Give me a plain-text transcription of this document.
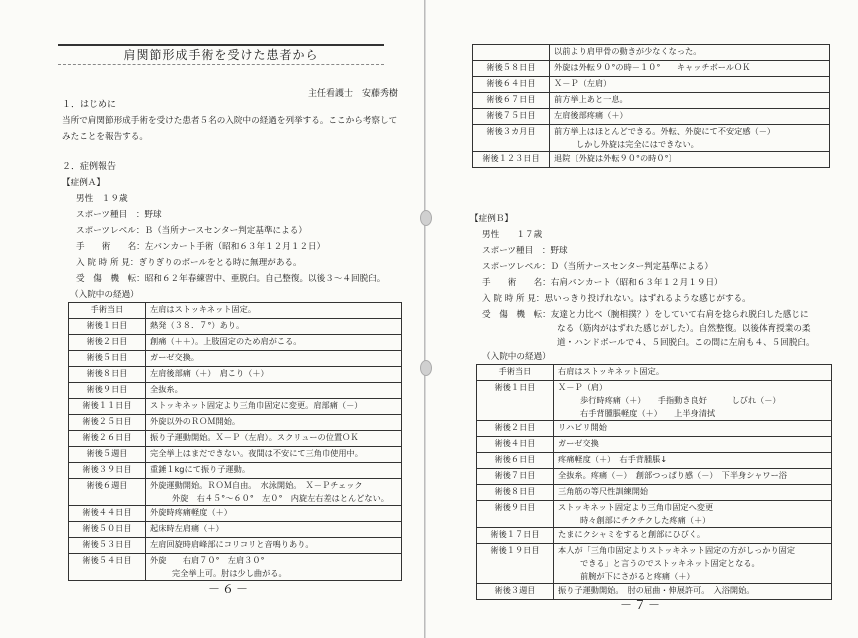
肩関節形成手術を受けた患者から
主任看護士　安藤秀樹
１．はじめに
当所で肩関節形成手術を受けた患者５名の入院中の経過を列挙する。ここから考察して
みたことを報告する。
２．症例報告
【症例Ａ】
男性　１９歳
スポーツ種目　：野球
スポーツレベル：Ｂ（当所ナースセンター判定基準による）
手　　術　　名：左バンカート手術（昭和６３年１２月１２日）
入 院 時 所 見：ぎりぎりのボールをとる時に無理がある。
受　傷　機　転：昭和６２年春練習中、亜脱臼。自己整復。以後３～４回脱臼。
（入院中の経過）
手術当日	左肩はストッキネット固定。

術後１日目	熱発（３８．７°）あり。

術後２日目	創痛（＋＋）。上肢固定のため肩がこる。

術後５日目	ガーゼ交換。

術後８日目	左肩後部痛（＋）　肩こり（＋）

術後９日目	全抜糸。

術後１１日目	ストッキネット固定より三角巾固定に変更。肩部痛（－）

術後２５日目	外旋以外のＲＯＭ開始。

術後２６日目	振り子運動開始。Ｘ－Ｐ（左肩）。スクリューの位置ＯＫ

術後５週目	完全挙上はまだできない。夜間は不安にて三角巾使用中。

術後３９日目	重錘１kgにて振り子運動。

術後６週目	外旋運動開始。ＲＯＭ自由。　水泳開始。　Ｘ－Ｐチェック
外旋　右４５°～６０°　左０°　内旋左右差はとんどない。

術後４４日目	外旋時疼痛軽度（＋）

術後５０日目	起床時左肩痛（＋）

術後５３日目	左肩回旋時肩峰部にコリコリと音鳴りあり。

術後５４日目	外旋　　右肩７０°　左肩３０°
完全挙上可。肘は少し曲がる。
－６－

	以前より肩甲骨の動きが少なくなった。

術後５８日目	外旋は外転９０°の時－１０°　　キャッチボールＯＫ

術後６４日目	Ｘ－Ｐ（左肩）

術後６７日目	前方挙上あと一息。

術後７５日目	左肩後部疼痛（＋）

術後３カ月目	前方挙上はほとんどできる。外転、外旋にて不安定感（－）
しかし外旋は完全にはできない。

術後１２３日目	退院〔外旋は外転９０°の時０°〕
【症例Ｂ】
男性　　１７歳
スポーツ種目　：野球
スポーツレベル：Ｄ（当所ナースセンター判定基準による）
手　　術　　名：右肩バンカート（昭和６３年１２月１９日）
入 院 時 所 見：思いっきり投げれない。はずれるような感じがする。
受　傷　機　転：友達と力比べ（腕相撲？）をしていて右肩を捻られ脱臼した感じに
なる（筋肉がはずれた感じがした）。自然整復。以後体育授業の柔
道・ハンドボールで４、５回脱臼。この間に左肩も４、５回脱臼。
（入院中の経過）
手術当日	右肩はストッキネット固定。

術後１日目	Ｘ－Ｐ（肩）
歩行時疼痛（＋）　　手指動き良好　　　しびれ（－）
右手背腫脹軽度（＋）　　上半身清拭

術後２日目	リハビリ開始

術後４日目	ガーゼ交換

術後６日目	疼痛軽度（＋）　右手背腫脹↓

術後７日目	全抜糸。疼痛（－）　創部つっぱり感（－）　下半身シャワー浴

術後８日目	三角筋の等尺性訓練開始

術後９日目	ストッキネット固定より三角巾固定へ変更
時々創部にチクチクした疼痛（＋）

術後１７日目	たまにクシャミをすると創部にひびく。

術後１９日目	本人が「三角巾固定よりストッキネット固定の方がしっかり固定
できる」と言うのでストッキネット固定となる。
前腕が下にさがると疼痛（＋）

術後３週目	振り子運動開始。　肘の屈曲・伸展許可。　入浴開始。
－７－
